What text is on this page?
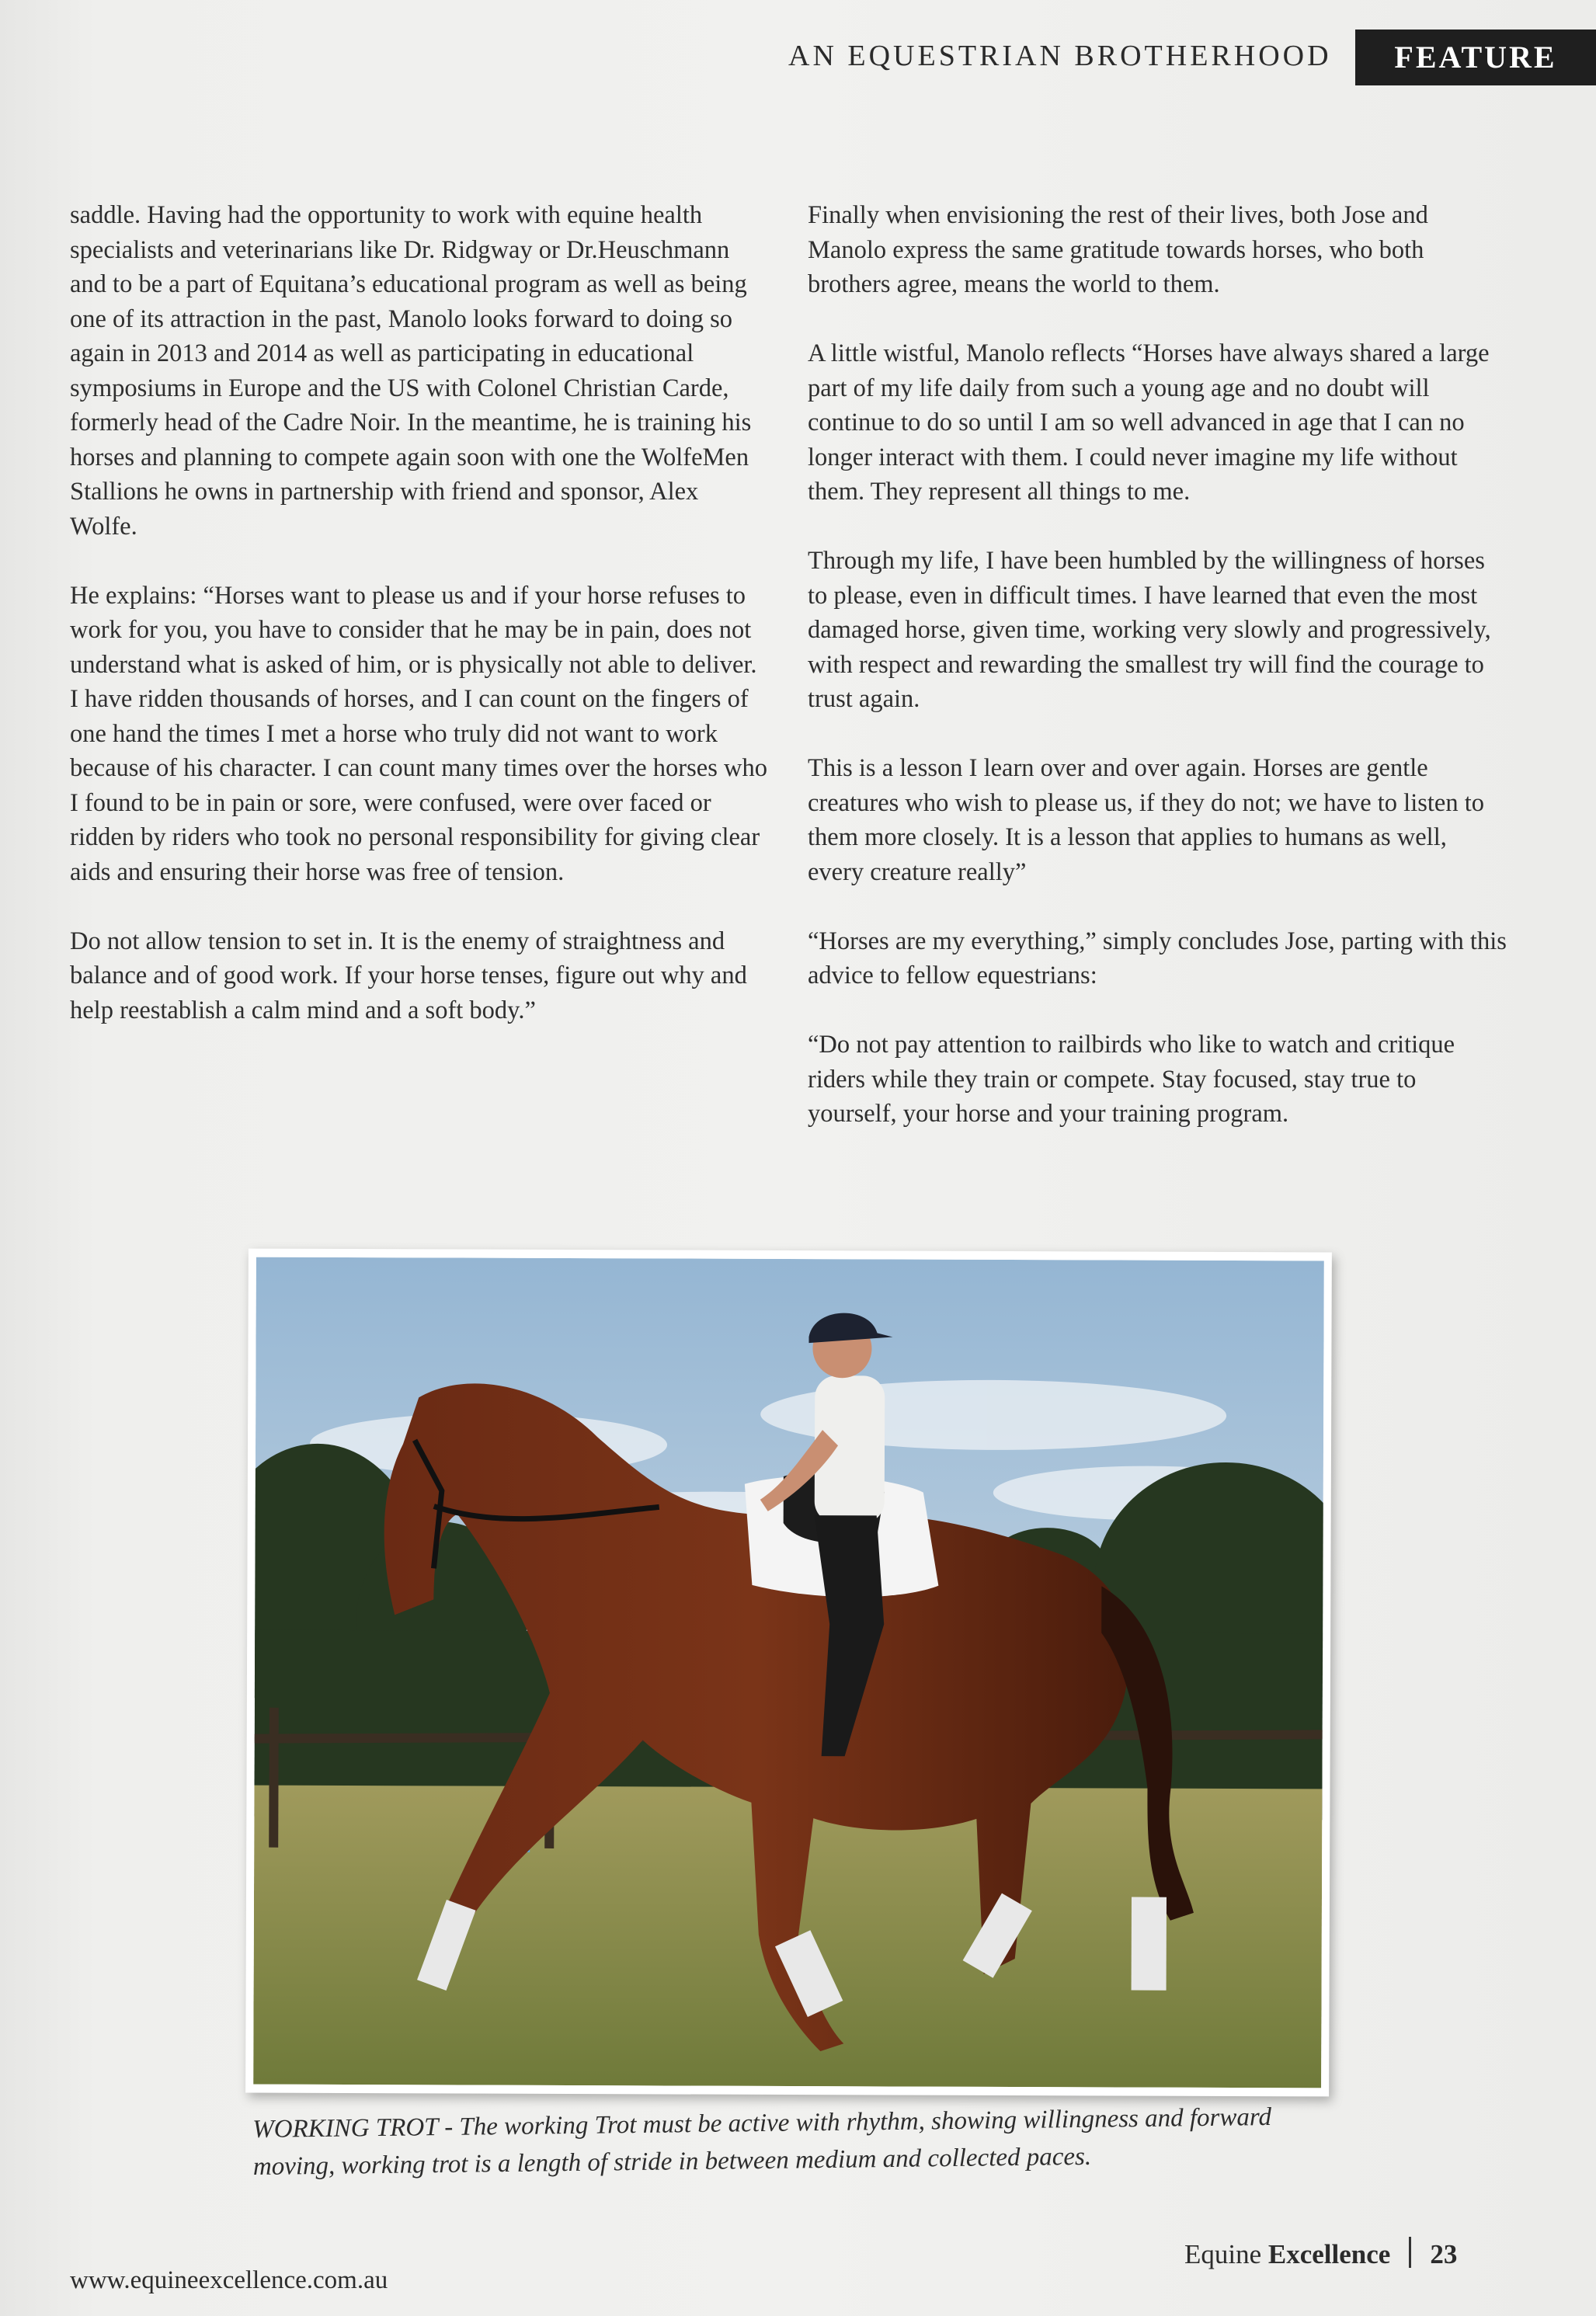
AN EQUESTRIAN BROTHERHOOD	FEATURE

saddle. Having had the opportunity to work with equine health specialists and veterinarians like Dr. Ridgway or Dr.Heuschmann and to be a part of Equitana’s educational program as well as being one of its attraction in the past, Manolo looks forward to doing so again in 2013 and 2014 as well as participating in educational symposiums in Europe and the US with Colonel Christian Carde, formerly head of the Cadre Noir. In the meantime, he is training his horses and planning to compete again soon with one the WolfeMen Stallions he owns in partnership with friend and sponsor, Alex Wolfe.

He explains: “Horses want to please us and if your horse refuses to work for you, you have to consider that he may be in pain, does not understand what is asked of him, or is physically not able to deliver. I have ridden thousands of horses, and I can count on the fingers of one hand the times I met a horse who truly did not want to work because of his character. I can count many times over the horses who I found to be in pain or sore, were confused, were over faced or ridden by riders who took no personal responsibility for giving clear aids and ensuring their horse was free of tension.

Do not allow tension to set in. It is the enemy of straightness and balance and of good work. If your horse tenses, figure out why and help reestablish a calm mind and a soft body.”

Finally when envisioning the rest of their lives, both Jose and Manolo express the same gratitude towards horses, who both brothers agree, means the world to them.

A little wistful, Manolo reflects “Horses have always shared a large part of my life daily from such a young age and no doubt will continue to do so until I am so well advanced in age that I can no longer interact with them. I could never imagine my life without them. They represent all things to me.

Through my life, I have been humbled by the willingness of horses to please, even in difficult times. I have learned that even the most damaged horse, given time, working very slowly and progressively, with respect and rewarding the smallest try will find the courage to trust again.

This is a lesson I learn over and over again. Horses are gentle creatures who wish to please us, if they do not; we have to listen to them more closely. It is a lesson that applies to humans as well, every creature really”

“Horses are my everything,” simply concludes Jose, parting with this advice to fellow equestrians:

“Do not pay attention to railbirds who like to watch and critique riders while they train or compete. Stay focused, stay true to yourself, your horse and your training program.

WORKING TROT - The working Trot must be active with rhythm, showing willingness and forward moving, working trot is a length of stride in between medium and collected paces.
www.equineexcellence.com.au
Equine Excellence 23
